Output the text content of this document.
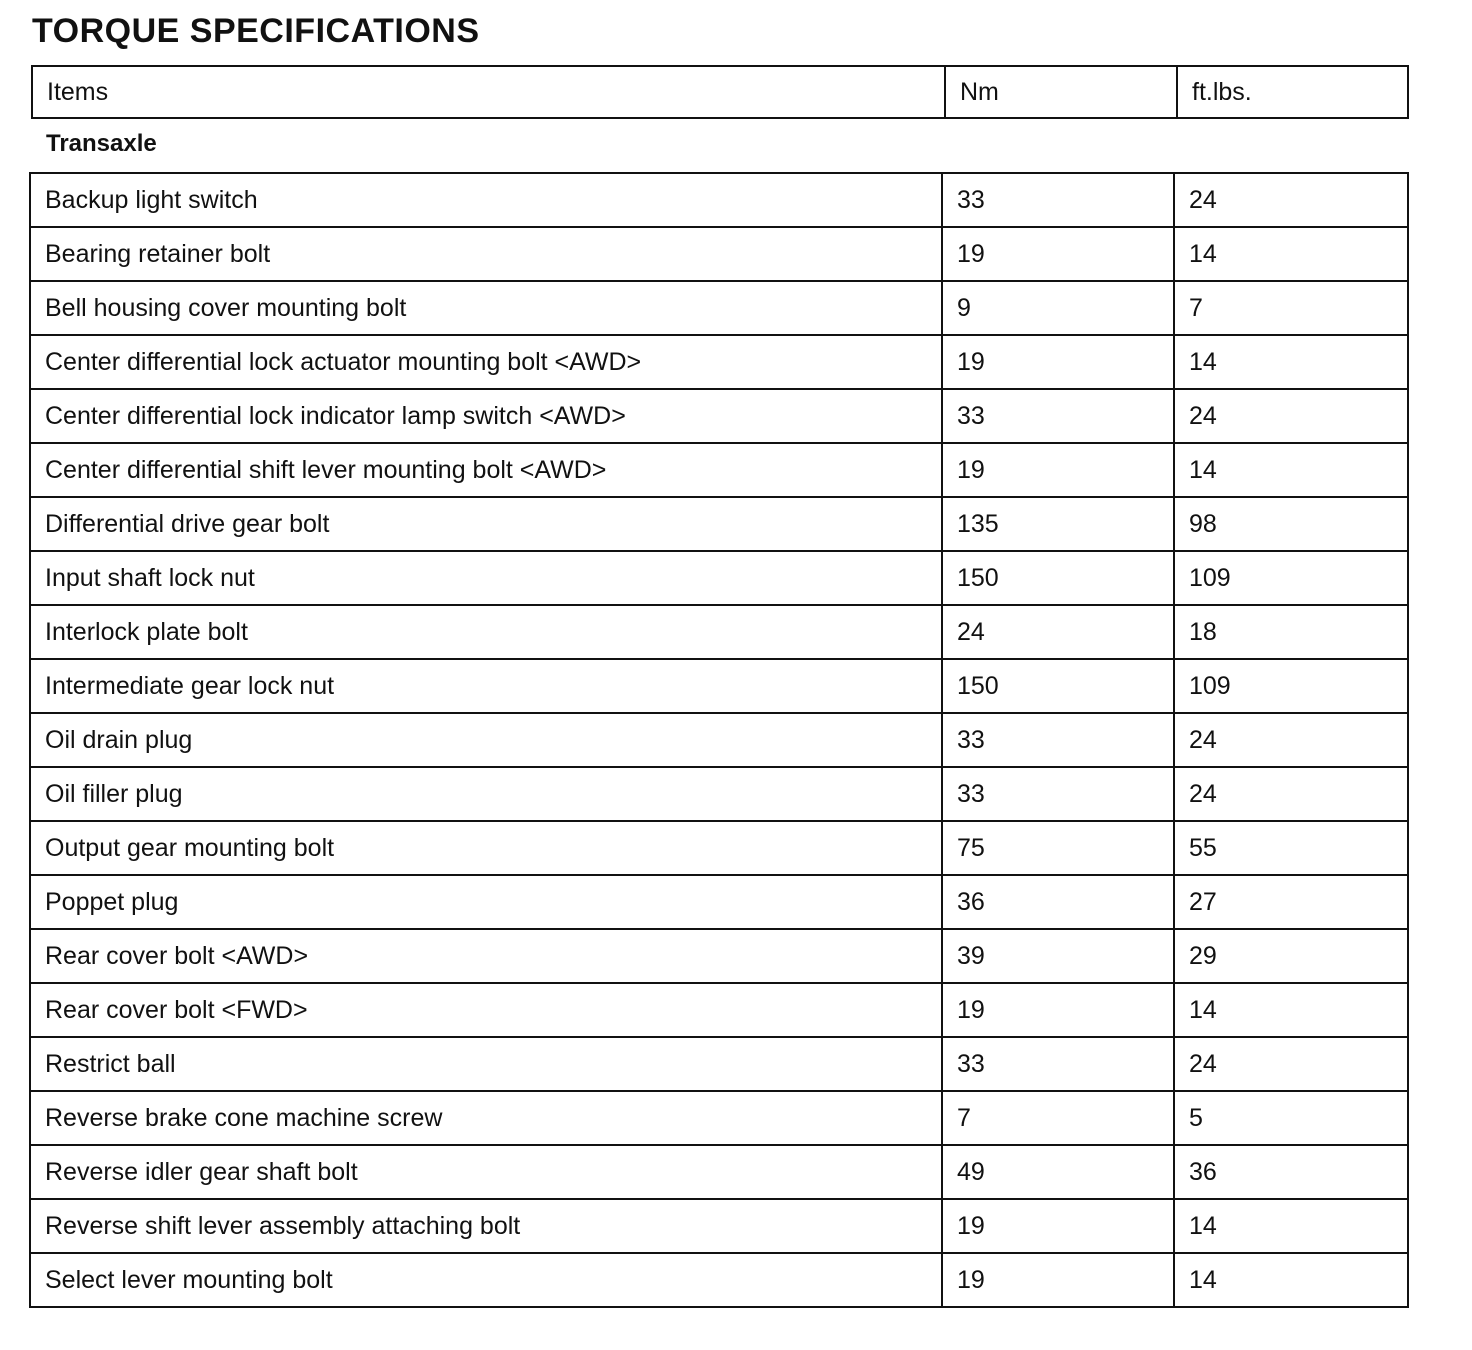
TORQUE SPECIFICATIONS
Items	Nm	ft.lbs.
Transaxle
Backup light switch	33	24
Bearing retainer bolt	19	14
Bell housing cover mounting bolt	9	7
Center differential lock actuator mounting bolt <AWD>	19	14
Center differential lock indicator lamp switch <AWD>	33	24
Center differential shift lever mounting bolt <AWD>	19	14
Differential drive gear bolt	135	98
Input shaft lock nut	150	109
Interlock plate bolt	24	18
Intermediate gear lock nut	150	109
Oil drain plug	33	24
Oil filler plug	33	24
Output gear mounting bolt	75	55
Poppet plug	36	27
Rear cover bolt <AWD>	39	29
Rear cover bolt <FWD>	19	14
Restrict ball	33	24
Reverse brake cone machine screw	7	5
Reverse idler gear shaft bolt	49	36
Reverse shift lever assembly attaching bolt	19	14
Select lever mounting bolt	19	14
